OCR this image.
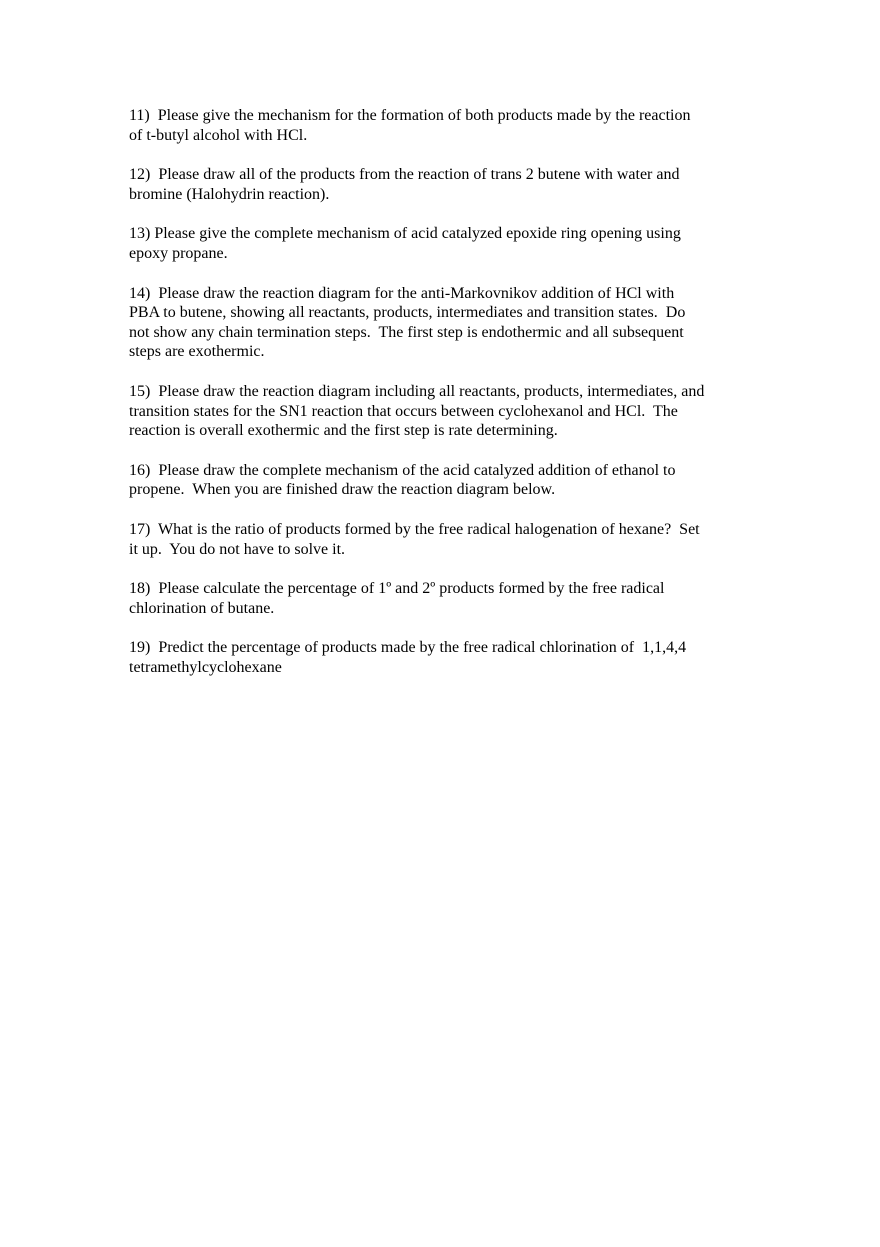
11)  Please give the mechanism for the formation of both products made by the reaction
of t-butyl alcohol with HCl.

12)  Please draw all of the products from the reaction of trans 2 butene with water and
bromine (Halohydrin reaction).

13) Please give the complete mechanism of acid catalyzed epoxide ring opening using
epoxy propane.

14)  Please draw the reaction diagram for the anti-Markovnikov addition of HCl with
PBA to butene, showing all reactants, products, intermediates and transition states.  Do
not show any chain termination steps.  The first step is endothermic and all subsequent
steps are exothermic.

15)  Please draw the reaction diagram including all reactants, products, intermediates, and
transition states for the SN1 reaction that occurs between cyclohexanol and HCl.  The
reaction is overall exothermic and the first step is rate determining.

16)  Please draw the complete mechanism of the acid catalyzed addition of ethanol to
propene.  When you are finished draw the reaction diagram below.

17)  What is the ratio of products formed by the free radical halogenation of hexane?  Set
it up.  You do not have to solve it.

18)  Please calculate the percentage of 1º and 2º products formed by the free radical
chlorination of butane.

19)  Predict the percentage of products made by the free radical chlorination of  1,1,4,4
tetramethylcyclohexane
